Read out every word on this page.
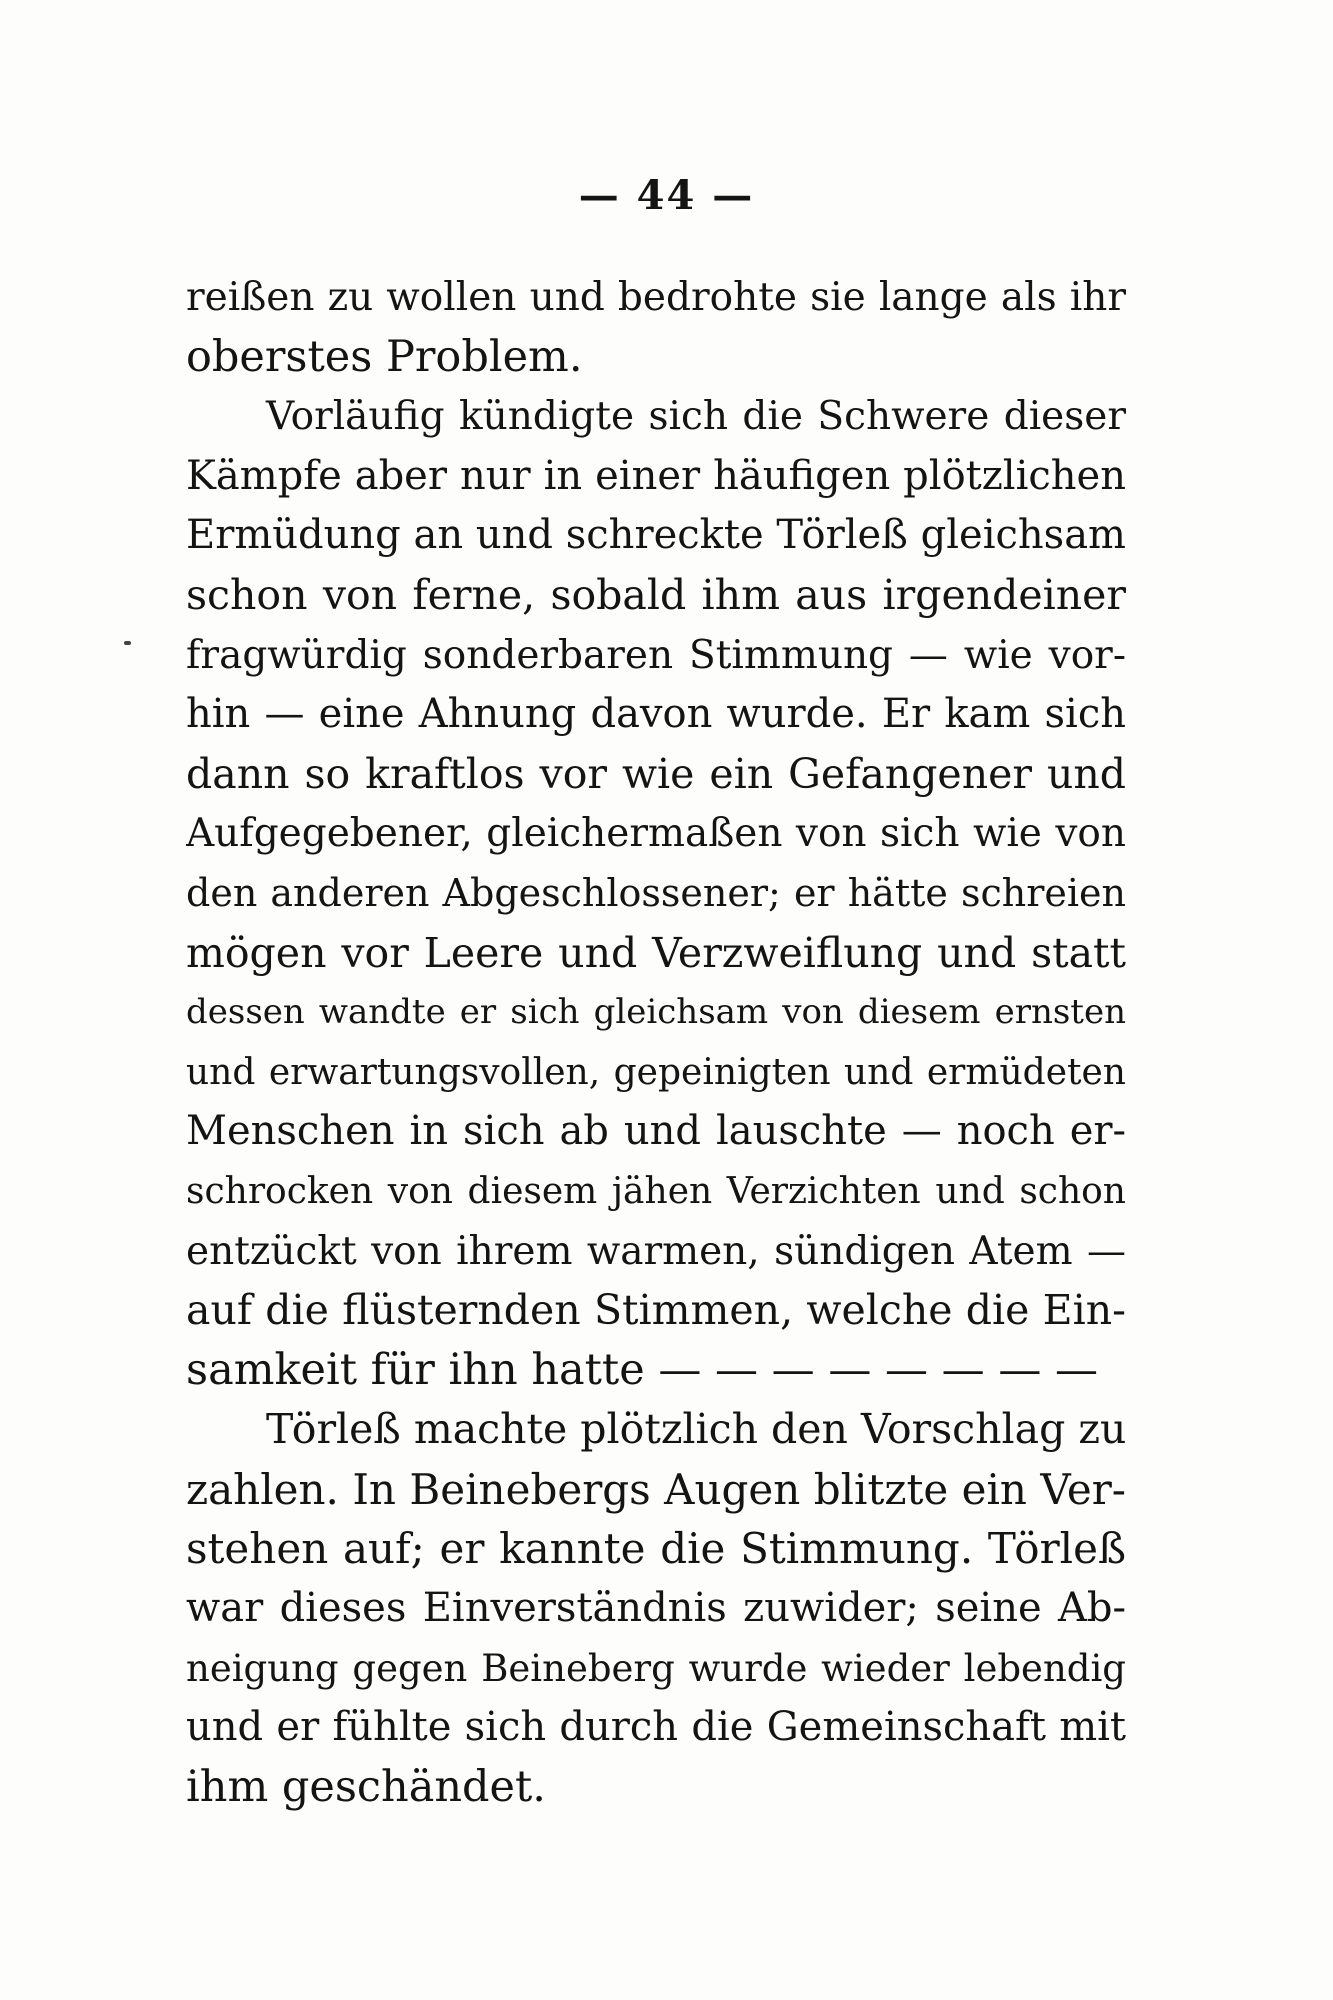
— 44 —
reißen zu wollen und bedrohte sie lange als ihr
oberstes Problem.
Vorläufig kündigte sich die Schwere dieser
Kämpfe aber nur in einer häufigen plötzlichen
Ermüdung an und schreckte Törleß gleichsam
schon von ferne, sobald ihm aus irgendeiner
fragwürdig sonderbaren Stimmung — wie vor-
hin — eine Ahnung davon wurde. Er kam sich
dann so kraftlos vor wie ein Gefangener und
Aufgegebener, gleichermaßen von sich wie von
den anderen Abgeschlossener; er hätte schreien
mögen vor Leere und Verzweiflung und statt
dessen wandte er sich gleichsam von diesem ernsten
und erwartungsvollen, gepeinigten und ermüdeten
Menschen in sich ab und lauschte — noch er-
schrocken von diesem jähen Verzichten und schon
entzückt von ihrem warmen, sündigen Atem —
auf die flüsternden Stimmen, welche die Ein-
samkeit für ihn hatte — — — — — — — —
Törleß machte plötzlich den Vorschlag zu
zahlen. In Beinebergs Augen blitzte ein Ver-
stehen auf; er kannte die Stimmung. Törleß
war dieses Einverständnis zuwider; seine Ab-
neigung gegen Beineberg wurde wieder lebendig
und er fühlte sich durch die Gemeinschaft mit
ihm geschändet.
